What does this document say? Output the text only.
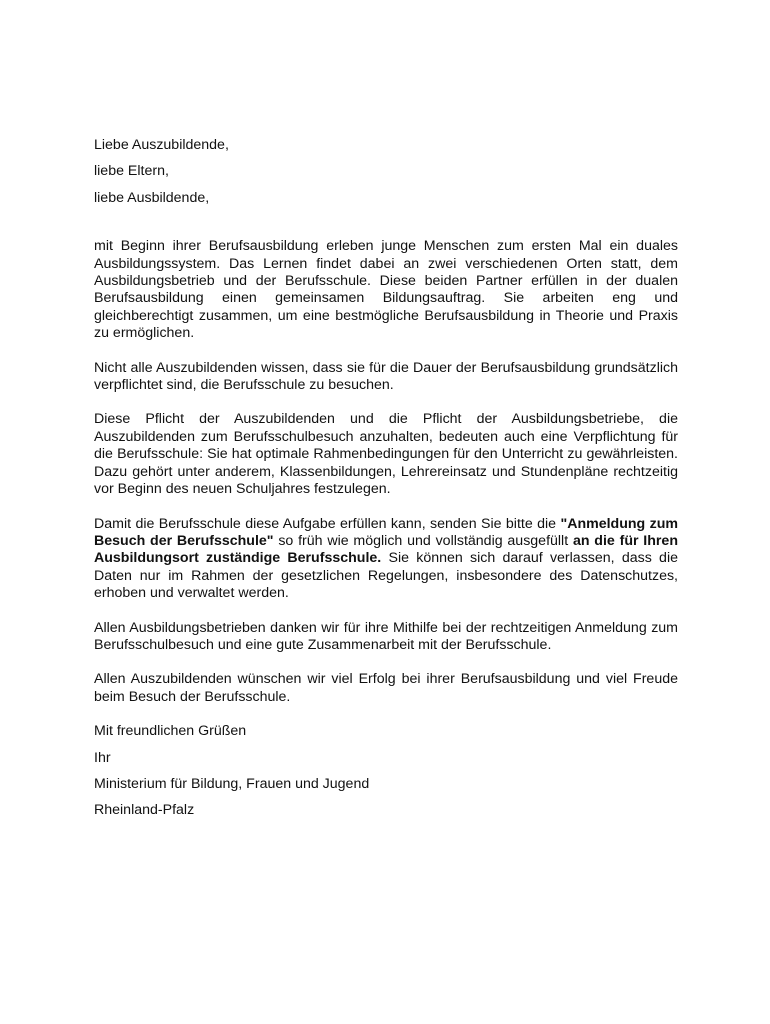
Liebe Auszubildende,

liebe Eltern,

liebe Ausbildende,

mit Beginn ihrer Berufsausbildung erleben junge Menschen zum ersten Mal ein duales Ausbildungssystem. Das Lernen findet dabei an zwei verschiedenen Orten statt, dem Ausbildungsbetrieb und der Berufsschule. Diese beiden Partner erfüllen in der dualen Berufsausbildung einen gemeinsamen Bildungsauftrag. Sie arbeiten eng und gleichberechtigt zusammen, um eine bestmögliche Berufsausbildung in Theorie und Praxis zu ermöglichen.

Nicht alle Auszubildenden wissen, dass sie für die Dauer der Berufsausbildung grundsätzlich verpflichtet sind, die Berufsschule zu besuchen.

Diese Pflicht der Auszubildenden und die Pflicht der Ausbildungsbetriebe, die Auszubildenden zum Berufsschulbesuch anzuhalten, bedeuten auch eine Verpflichtung für die Berufsschule: Sie hat optimale Rahmenbedingungen für den Unterricht zu gewährleisten. Dazu gehört unter anderem, Klassenbildungen, Lehrereinsatz und Stundenpläne rechtzeitig vor Beginn des neuen Schuljahres festzulegen.

Damit die Berufsschule diese Aufgabe erfüllen kann, senden Sie bitte die "Anmeldung zum Besuch der Berufsschule" so früh wie möglich und vollständig ausgefüllt an die für Ihren Ausbildungsort zuständige Berufsschule. Sie können sich darauf verlassen, dass die Daten nur im Rahmen der gesetzlichen Regelungen, insbesondere des Datenschutzes, erhoben und verwaltet werden.

Allen Ausbildungsbetrieben danken wir für ihre Mithilfe bei der rechtzeitigen Anmeldung zum Berufsschulbesuch und eine gute Zusammenarbeit mit der Berufsschule.

Allen Auszubildenden wünschen wir viel Erfolg bei ihrer Berufsausbildung und viel Freude beim Besuch der Berufsschule.

Mit freundlichen Grüßen

Ihr

Ministerium für Bildung, Frauen und Jugend

Rheinland-Pfalz
